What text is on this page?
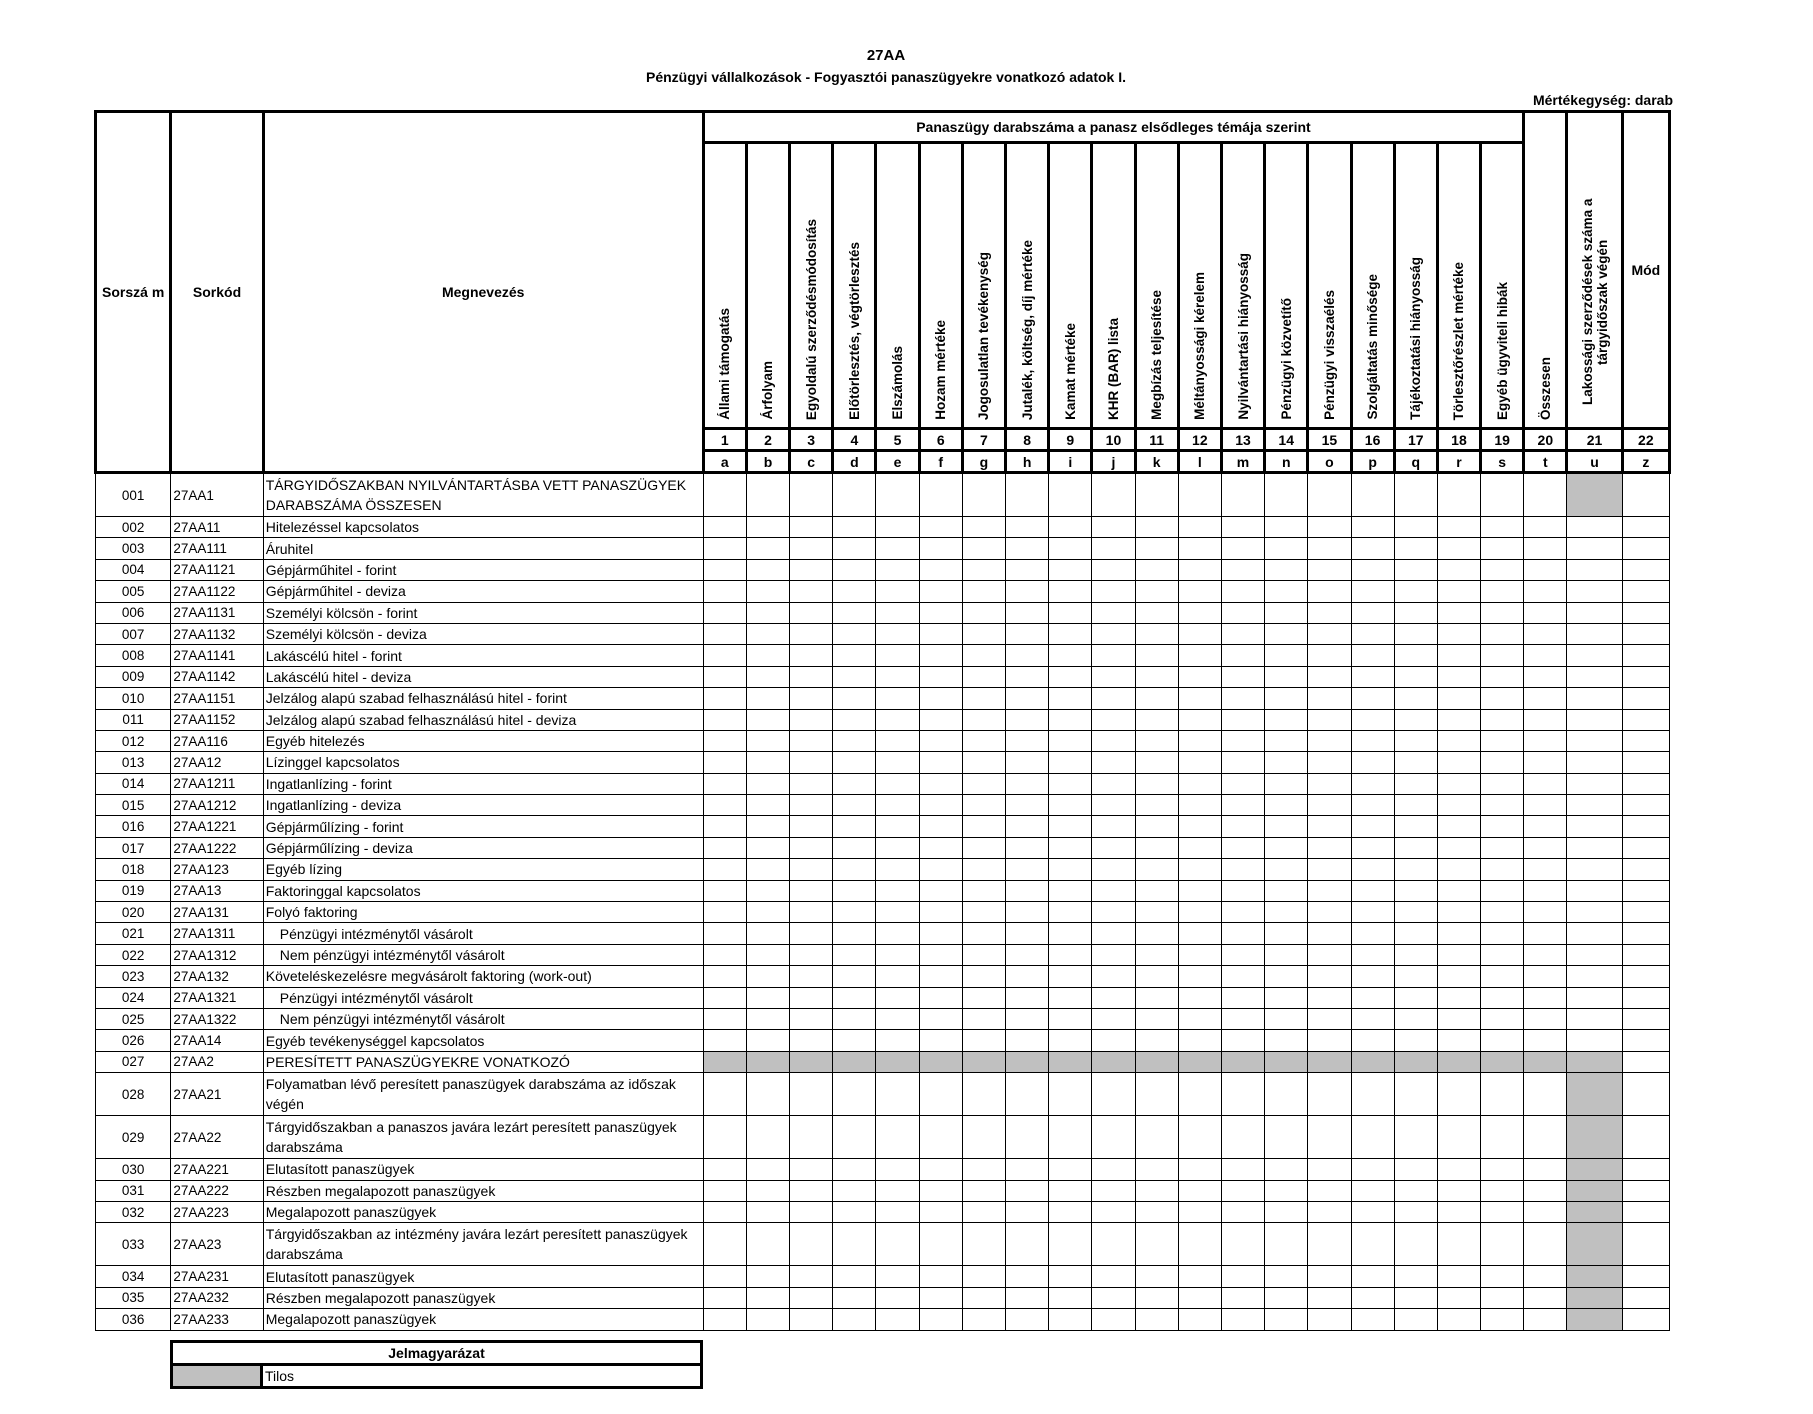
27AA
Pénzügyi vállalkozások - Fogyasztói panaszügyekre vonatkozó adatok I.
Mértékegység: darab
Sorszá m	Sorkód	Megnevezés	Panaszügy darabszáma a panasz elsődleges témája szerint																			Összesen	Lakossági szerződések száma a tárgyidőszak végén	Mód
			Állami támogatás	Árfolyam	Egyoldalú szerződésmódosítás	Előtörlesztés, végtörlesztés	Elszámolás	Hozam mértéke	Jogosulatlan tevékenység	Jutalék, költség, díj mértéke	Kamat mértéke	KHR (BAR) lista	Megbízás teljesítése	Méltányossági kérelem	Nyilvántartási hiányosság	Pénzügyi közvetítő	Pénzügyi visszaélés	Szolgáltatás minősége	Tájékoztatási hiányosság	Törlesztőrészlet mértéke	Egyéb ügyviteli hibák			
			1	2	3	4	5	6	7	8	9	10	11	12	13	14	15	16	17	18	19	20	21	22
			a	b	c	d	e	f	g	h	i	j	k	l	m	n	o	p	q	r	s	t	u	z
001	27AA1	TÁRGYIDŐSZAKBAN NYILVÁNTARTÁSBA VETT PANASZÜGYEK DARABSZÁMA ÖSSZESEN																						
002	27AA11	Hitelezéssel kapcsolatos																						
003	27AA111	Áruhitel																						
004	27AA1121	Gépjárműhitel - forint																						
005	27AA1122	Gépjárműhitel - deviza																						
006	27AA1131	Személyi kölcsön - forint																						
007	27AA1132	Személyi kölcsön - deviza																						
008	27AA1141	Lakáscélú hitel - forint																						
009	27AA1142	Lakáscélú hitel - deviza																						
010	27AA1151	Jelzálog alapú szabad felhasználású hitel - forint																						
011	27AA1152	Jelzálog alapú szabad felhasználású hitel - deviza																						
012	27AA116	Egyéb hitelezés																						
013	27AA12	Lízinggel kapcsolatos																						
014	27AA1211	Ingatlanlízing - forint																						
015	27AA1212	Ingatlanlízing - deviza																						
016	27AA1221	Gépjárműlízing - forint																						
017	27AA1222	Gépjárműlízing - deviza																						
018	27AA123	Egyéb lízing																						
019	27AA13	Faktoringgal kapcsolatos																						
020	27AA131	Folyó faktoring																						
021	27AA1311	Pénzügyi intézménytől vásárolt																						
022	27AA1312	Nem pénzügyi intézménytől vásárolt																						
023	27AA132	Követeléskezelésre megvásárolt faktoring (work-out)																						
024	27AA1321	Pénzügyi intézménytől vásárolt																						
025	27AA1322	Nem pénzügyi intézménytől vásárolt																						
026	27AA14	Egyéb tevékenységgel kapcsolatos																						
027	27AA2	PERESÍTETT PANASZÜGYEKRE VONATKOZÓ																						
028	27AA21	Folyamatban lévő peresített panaszügyek darabszáma az időszak végén																						
029	27AA22	Tárgyidőszakban a panaszos javára lezárt peresített panaszügyek darabszáma																						
030	27AA221	Elutasított panaszügyek																						
031	27AA222	Részben megalapozott panaszügyek																						
032	27AA223	Megalapozott panaszügyek																						
033	27AA23	Tárgyidőszakban az intézmény javára lezárt peresített panaszügyek darabszáma																						
034	27AA231	Elutasított panaszügyek																						
035	27AA232	Részben megalapozott panaszügyek																						
036	27AA233	Megalapozott panaszügyek																						
Jelmagyarázat
	Tilos
